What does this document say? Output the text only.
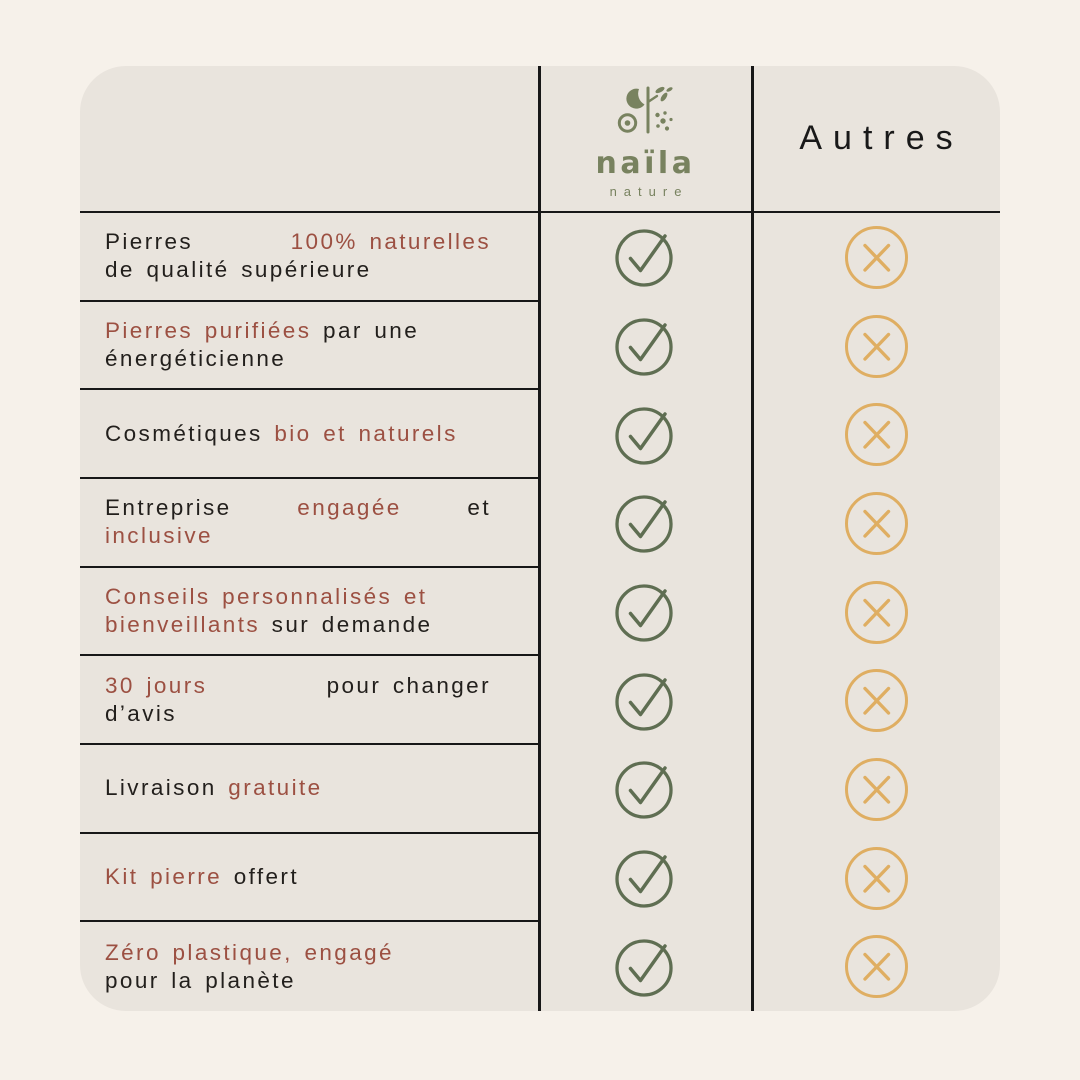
naïla
nature
Autres
Pierres	100% naturelles
de qualité supérieure
Pierres purifiées par une
énergéticienne
Cosmétiques bio et naturels
Entreprise	engagée	et
inclusive
Conseils personnalisés et
bienveillants sur demande
30 jours	pour changer
d’avis
Livraison gratuite
Kit pierre offert
Zéro plastique, engagé
pour la planète
